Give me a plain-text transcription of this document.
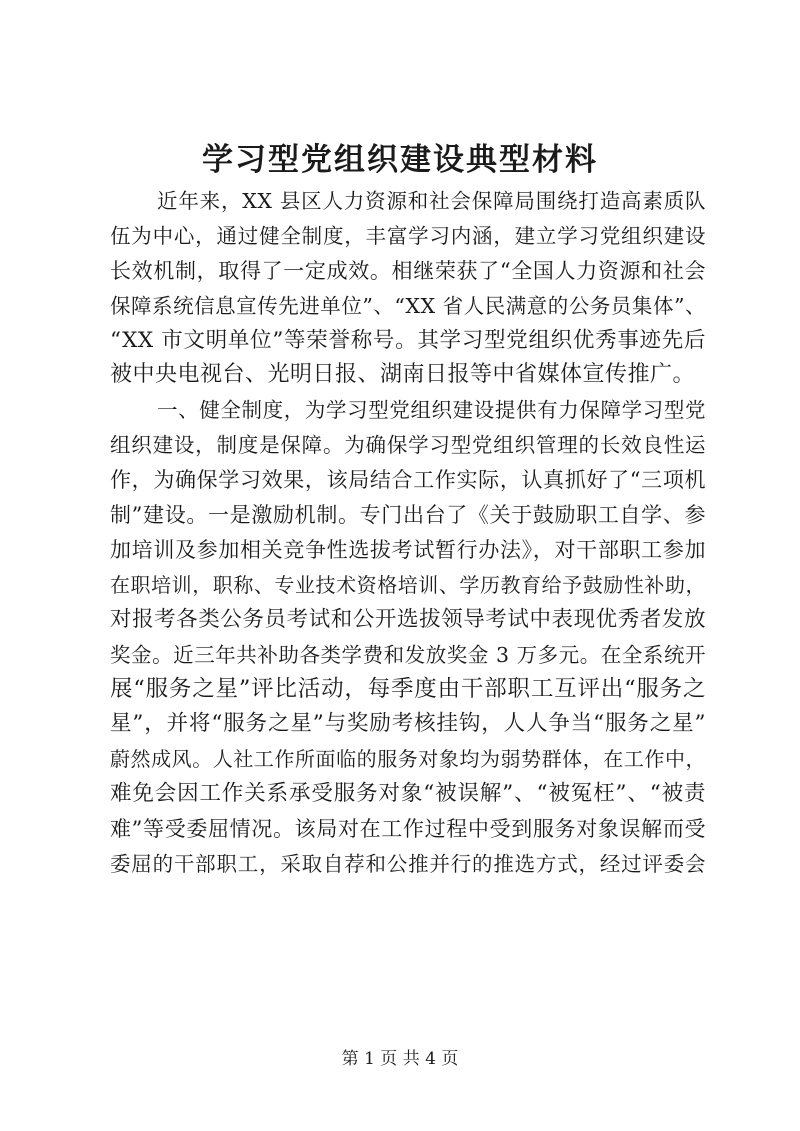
学习型党组织建设典型材料
近年来，XX 县区人力资源和社会保障局围绕打造高素质队
伍为中心，通过健全制度，丰富学习内涵，建立学习党组织建设
长效机制，取得了一定成效。相继荣获了“全国人力资源和社会
保障系统信息宣传先进单位”、“XX 省人民满意的公务员集体”、
“XX 市文明单位”等荣誉称号。其学习型党组织优秀事迹先后
被中央电视台、光明日报、湖南日报等中省媒体宣传推广。
一、健全制度，为学习型党组织建设提供有力保障学习型党
组织建设，制度是保障。为确保学习型党组织管理的长效良性运
作，为确保学习效果，该局结合工作实际，认真抓好了“三项机
制”建设。一是激励机制。专门出台了《关于鼓励职工自学、参
加培训及参加相关竞争性选拔考试暂行办法》，对干部职工参加
在职培训，职称、专业技术资格培训、学历教育给予鼓励性补助，
对报考各类公务员考试和公开选拔领导考试中表现优秀者发放
奖金。近三年共补助各类学费和发放奖金 3 万多元。在全系统开
展“服务之星”评比活动，每季度由干部职工互评出“服务之
星”，并将“服务之星”与奖励考核挂钩，人人争当“服务之星”
蔚然成风。人社工作所面临的服务对象均为弱势群体，在工作中，
难免会因工作关系承受服务对象“被误解”、“被冤枉”、“被责
难”等受委屈情况。该局对在工作过程中受到服务对象误解而受
委屈的干部职工，采取自荐和公推并行的推选方式，经过评委会
第 1 页 共 4 页
